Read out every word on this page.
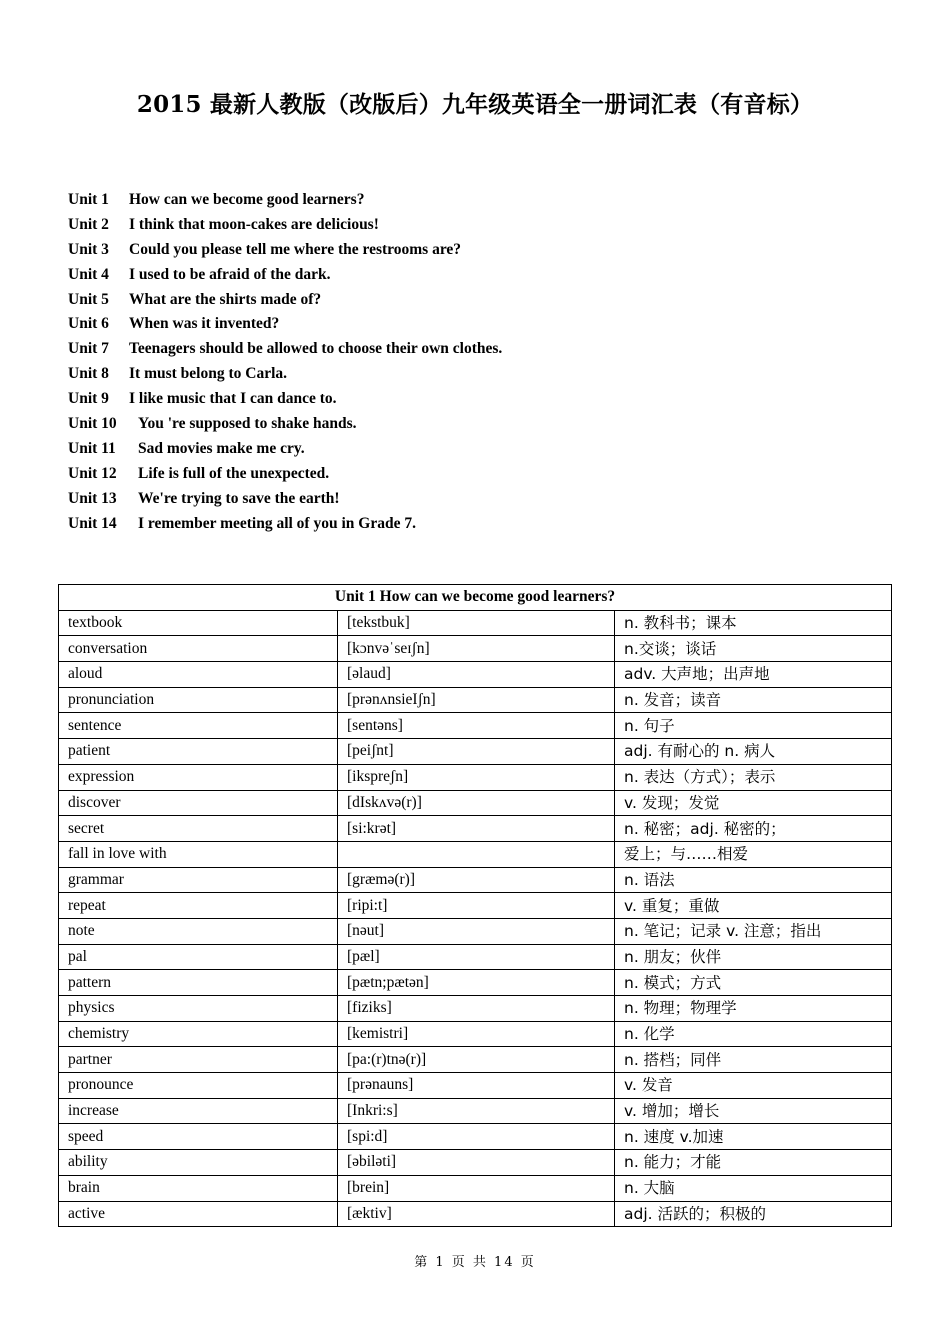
2015 最新人教版（改版后）九年级英语全一册词汇表（有音标）
Unit 1 How can we become good learners?
Unit 2 I think that moon-cakes are delicious!
Unit 3 Could you please tell me where the restrooms are?
Unit 4 I used to be afraid of the dark.
Unit 5 What are the shirts made of?
Unit 6 When was it invented?
Unit 7 Teenagers should be allowed to choose their own clothes.
Unit 8 It must belong to Carla.
Unit 9 I like music that I can dance to.
Unit 10 You 're supposed to shake hands.
Unit 11 Sad movies make me cry.
Unit 12 Life is full of the unexpected.
Unit 13 We're trying to save the earth!
Unit 14 I remember meeting all of you in Grade 7.
Unit 1 How can we become good learners?		
textbook	[tekstbuk]	n. 教科书；课本
conversation	[kɔnvəˈseɪʃn]	n.交谈；谈话
aloud	[əlaud]	adv. 大声地；出声地
pronunciation	[prənʌnsieIʃn]	n. 发音；读音
sentence	[sentəns]	n. 句子
patient	[peiʃnt]	adj. 有耐心的 n. 病人
expression	[ikspreʃn]	n. 表达（方式）；表示
discover	[dIskʌvə(r)]	v. 发现；发觉
secret	[si:krət]	n. 秘密；adj. 秘密的；
fall in love with		爱上；与……相爱
grammar	[græmə(r)]	n. 语法
repeat	[ripi:t]	v. 重复；重做
note	[nəut]	n. 笔记；记录 v. 注意；指出
pal	[pæl]	n. 朋友；伙伴
pattern	[pætn;pætən]	n. 模式；方式
physics	[fiziks]	n. 物理；物理学
chemistry	[kemistri]	n. 化学
partner	[pa:(r)tnə(r)]	n. 搭档；同伴
pronounce	[prənauns]	v. 发音
increase	[Inkri:s]	v. 增加；增长
speed	[spi:d]	n. 速度 v.加速
ability	[əbiləti]	n. 能力；才能
brain	[brein]	n. 大脑
active	[æktiv]	adj. 活跃的；积极的
第 1 页 共 14 页
